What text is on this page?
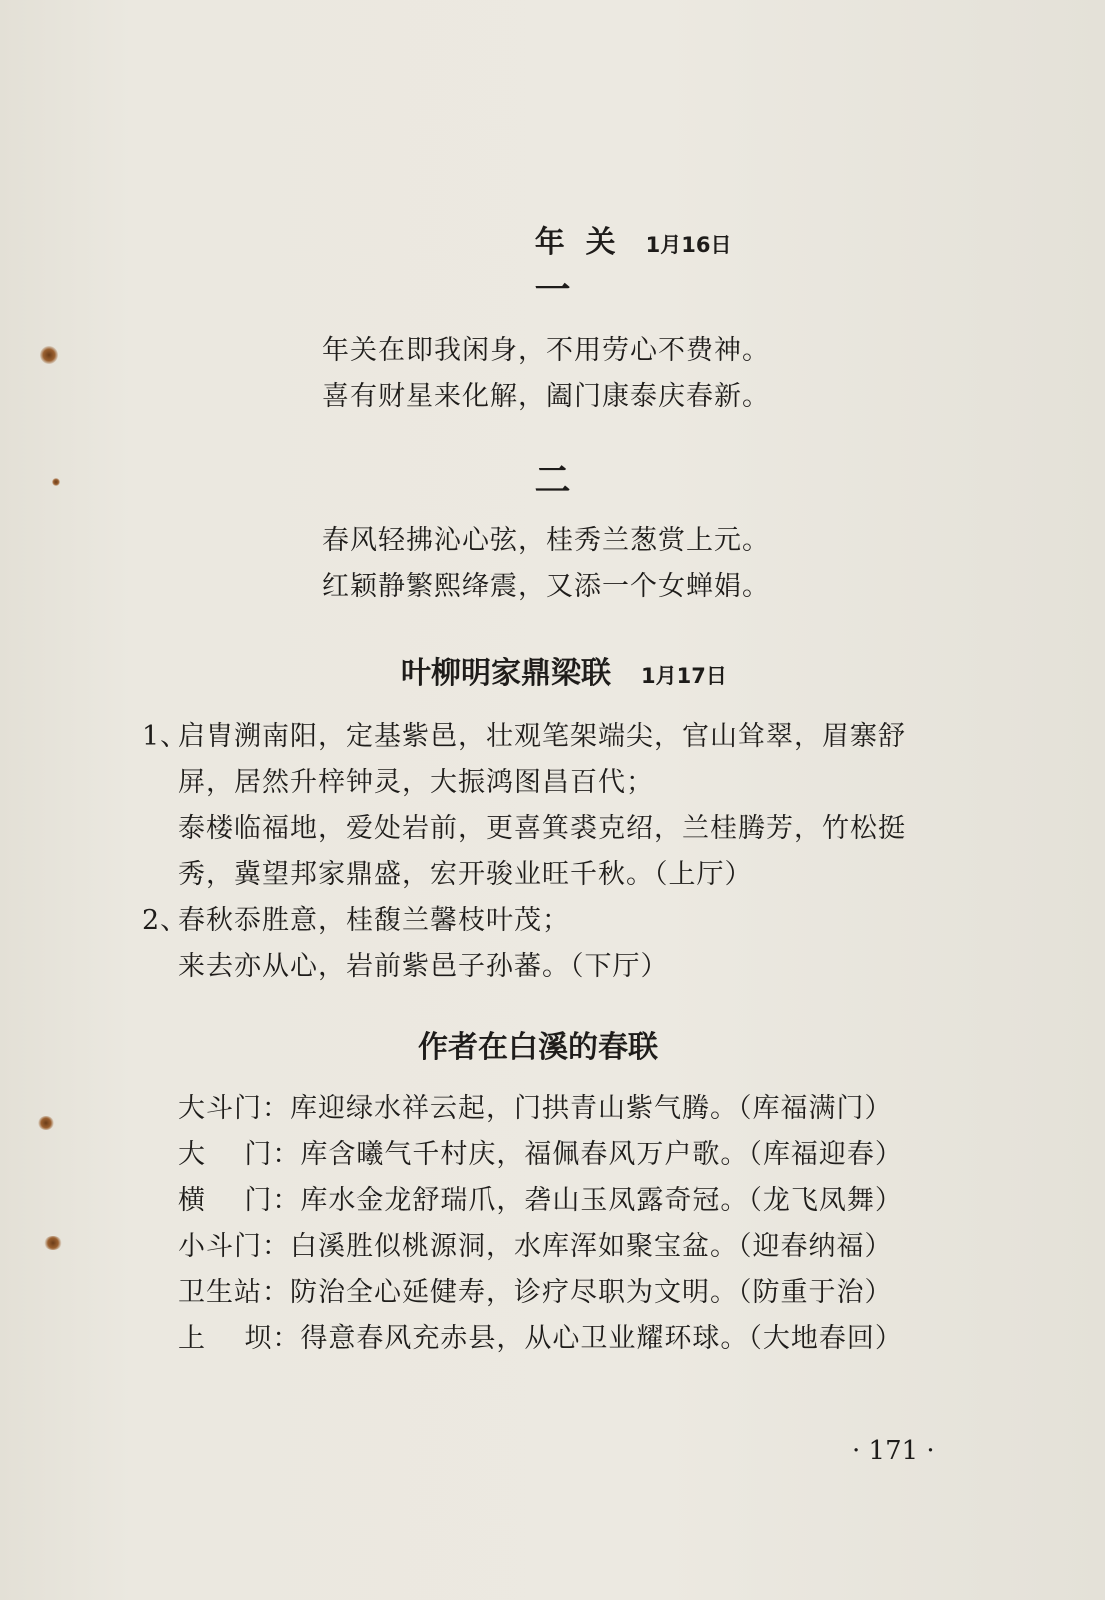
年  关 1月16日

一
年关在即我闲身，不用劳心不费神。
喜有财星来化解，阖门康泰庆春新。
二
春风轻拂沁心弦，桂秀兰葱赏上元。
红颖静繁熙绛震，又添一个女蝉娟。
叶柳明家鼎梁联 1月17日
1、
启胄溯南阳，定基紫邑，壮观笔架端尖，官山耸翠，眉寨舒
屏，居然升梓钟灵，大振鸿图昌百代；
泰楼临福地，爱处岩前，更喜箕裘克绍，兰桂腾芳，竹松挺
秀，冀望邦家鼎盛，宏开骏业旺千秋。（上厅）
2、
春秋忝胜意，桂馥兰馨枝叶茂；
来去亦从心，岩前紫邑子孙蕃。（下厅）
作者在白溪的春联
大斗门：库迎绿水祥云起，门拱青山紫气腾。（库福满门）
大    门：库含曦气千村庆，福佩春风万户歌。（库福迎春）
横    门：库水金龙舒瑞爪，砻山玉凤露奇冠。（龙飞凤舞）
小斗门：白溪胜似桃源洞，水库浑如聚宝盆。（迎春纳福）
卫生站：防治全心延健寿，诊疗尽职为文明。（防重于治）
上    坝：得意春风充赤县，从心卫业耀环球。（大地春回）
· 171 ·
